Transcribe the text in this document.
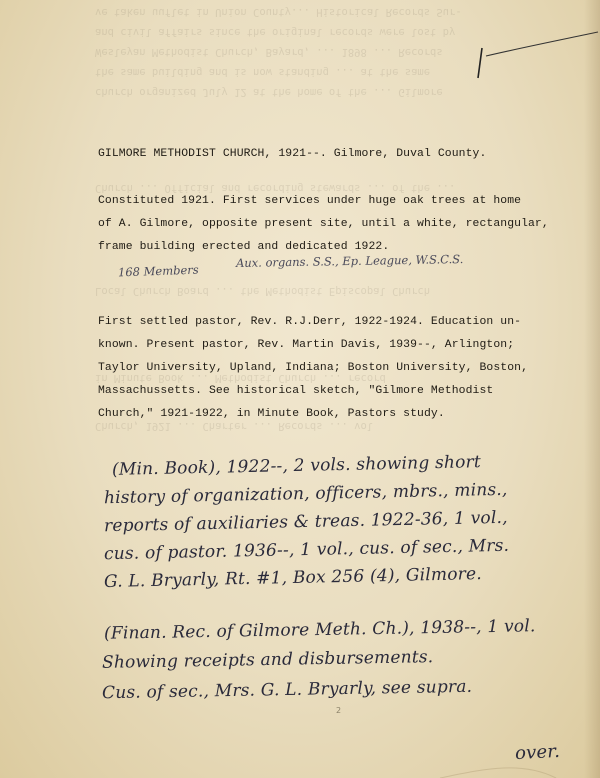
ve taken uuflet in Union County... Historical Records Sur-
and civil affairs since the original records were lost by
Wesleyan Methodist Church, Bayard, ... 1898 ... Records
the same building and is now standing ... at the same
church organized July 12 at the home of the ... Gilmore
Church ... Official and recording stewards ... of the ...
Local Church Board ... the Methodist Episcopal Church
in Minute Book ... Methodist Church ... record
Church, 1921 ... Charter ... Records ... vol
GILMORE METHODIST CHURCH, 1921--. Gilmore, Duval County.
Constituted 1921. First services under huge oak trees at home
of A. Gilmore, opposite present site, until a white, rectangular,
frame building erected and dedicated 1922.
168 Members
Aux. organs. S.S., Ep. League, W.S.C.S.
First settled pastor, Rev. R.J.Derr, 1922-1924. Education un-
known. Present pastor, Rev. Martin Davis, 1939--, Arlington;
Taylor University, Upland, Indiana; Boston University, Boston,
Massachussetts. See historical sketch, "Gilmore Methodist
Church," 1921-1922, in Minute Book, Pastors study.
(Min. Book), 1922--, 2 vols. showing short
history of organization, officers, mbrs., mins.,
reports of auxiliaries & treas. 1922-36, 1 vol.,
cus. of pastor. 1936--, 1 vol., cus. of sec., Mrs.
G. L. Bryarly, Rt. #1, Box 256 (4), Gilmore.
(Finan. Rec. of Gilmore Meth. Ch.), 1938--, 1 vol.
Showing receipts and disbursements.
Cus. of sec., Mrs. G. L. Bryarly, see supra.
2
over.
